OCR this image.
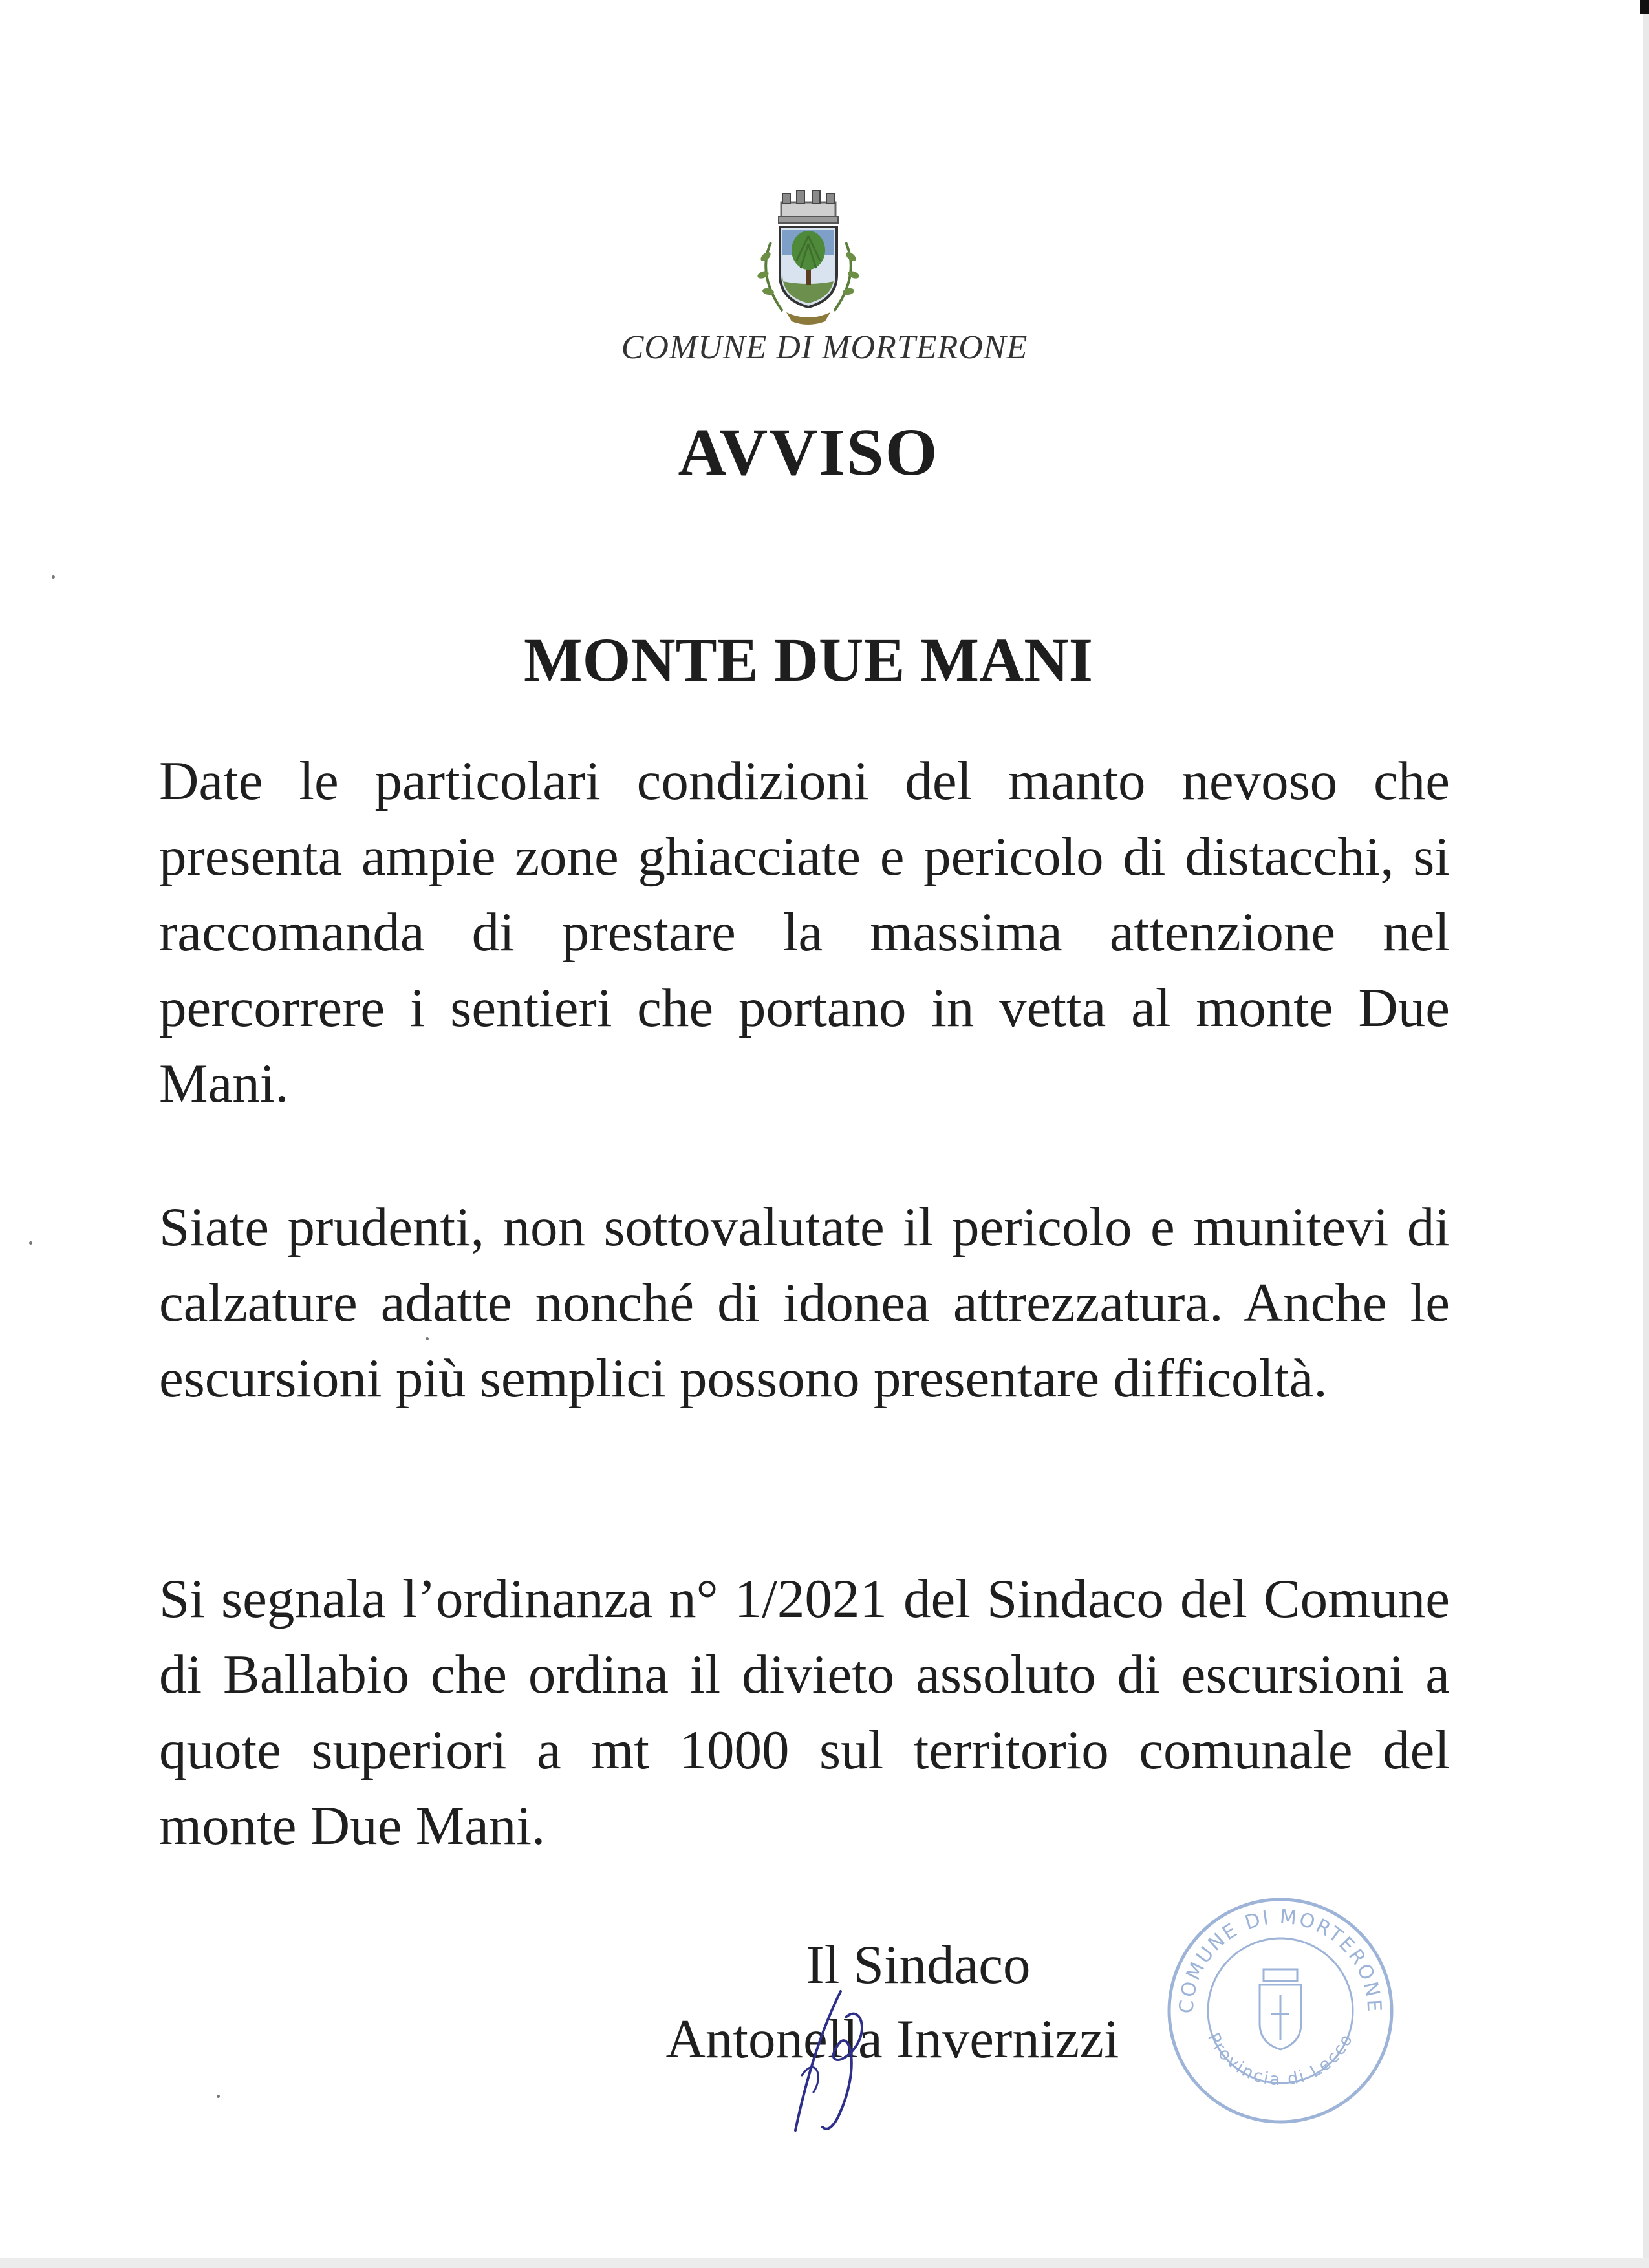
COMUNE DI MORTERONE
AVVISO
MONTE DUE MANI
Date le particolari condizioni del manto nevoso che presenta ampie zone ghiacciate e pericolo di distacchi, si raccomanda di prestare la massima attenzione nel percorrere i sentieri che portano in vetta al monte Due Mani.
Siate prudenti, non sottovalutate il pericolo e munitevi di calzature adatte nonché di idonea attrezzatura. Anche le escursioni più semplici possono presentare difficoltà.
Si segnala l’ordinanza n° 1/2021 del Sindaco del Comune di Ballabio che ordina il divieto assoluto di escursioni a quote superiori a mt 1000 sul territorio comunale del monte Due Mani.
Il Sindaco
Antonella Invernizzi
COMUNE DI MORTERONE
Provincia di Lecco
